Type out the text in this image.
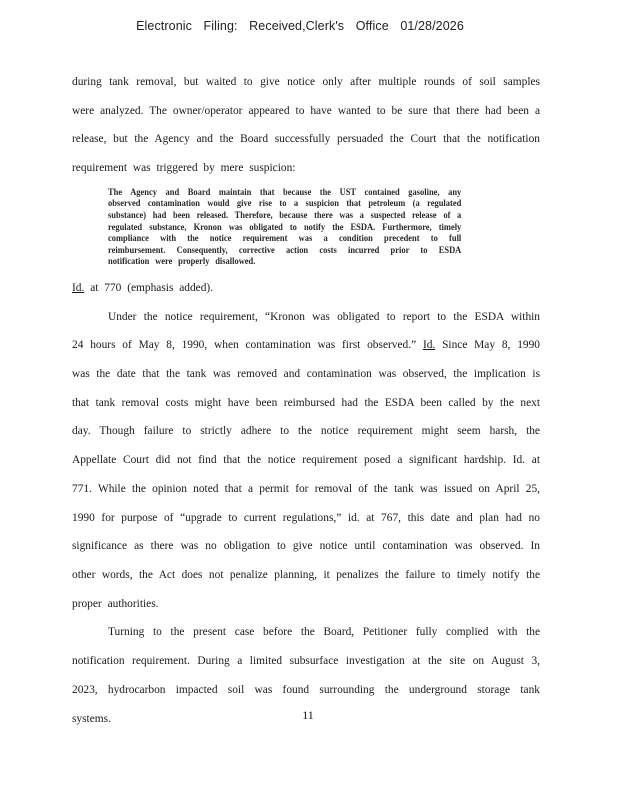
Electronic Filing: Received,Clerk's Office 01/28/2026

during tank removal, but waited to give notice only after multiple rounds of soil samples were analyzed. The owner/operator appeared to have wanted to be sure that there had been a release, but the Agency and the Board successfully persuaded the Court that the notification requirement was triggered by mere suspicion:

The Agency and Board maintain that because the UST contained gasoline, any observed contamination would give rise to a suspicion that petroleum (a regulated substance) had been released. Therefore, because there was a suspected release of a regulated substance, Kronon was obligated to notify the ESDA. Furthermore, timely compliance with the notice requirement was a condition precedent to full reimbursement. Consequently, corrective action costs incurred prior to ESDA notification were properly disallowed.

Id. at 770 (emphasis added).

Under the notice requirement, “Kronon was obligated to report to the ESDA within 24 hours of May 8, 1990, when contamination was first observed.” Id. Since May 8, 1990 was the date that the tank was removed and contamination was observed, the implication is that tank removal costs might have been reimbursed had the ESDA been called by the next day. Though failure to strictly adhere to the notice requirement might seem harsh, the Appellate Court did not find that the notice requirement posed a significant hardship. Id. at 771. While the opinion noted that a permit for removal of the tank was issued on April 25, 1990 for purpose of “upgrade to current regulations,” id. at 767, this date and plan had no significance as there was no obligation to give notice until contamination was observed. In other words, the Act does not penalize planning, it penalizes the failure to timely notify the proper authorities.

Turning to the present case before the Board, Petitioner fully complied with the notification requirement. During a limited subsurface investigation at the site on August 3, 2023, hydrocarbon impacted soil was found surrounding the underground storage tank systems.	11
